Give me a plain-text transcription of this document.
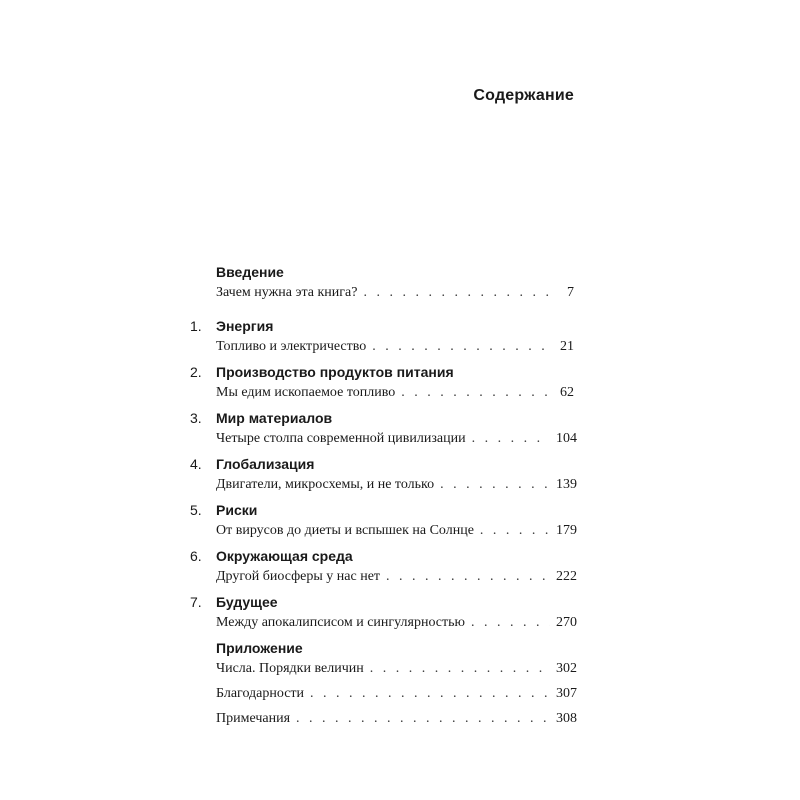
Содержание
Введение
Зачем нужна эта книга? . . .	7
1.	Энергия
Топливо и электричество . . .	21
2.	Производство продуктов питания
Мы едим ископаемое топливо . . .	62
3.	Мир материалов
Четыре столпа современной цивилизации . . .	104
4.	Глобализация
Двигатели, микросхемы, и не только . . .	139
5.	Риски
От вирусов до диеты и вспышек на Солнце . . .	179
6.	Окружающая среда
Другой биосферы у нас нет . . .	222
7.	Будущее
Между апокалипсисом и сингулярностью . . .	270
Приложение
Числа. Порядки величин . . .	302
Благодарности . . .	307
Примечания . . .	308
